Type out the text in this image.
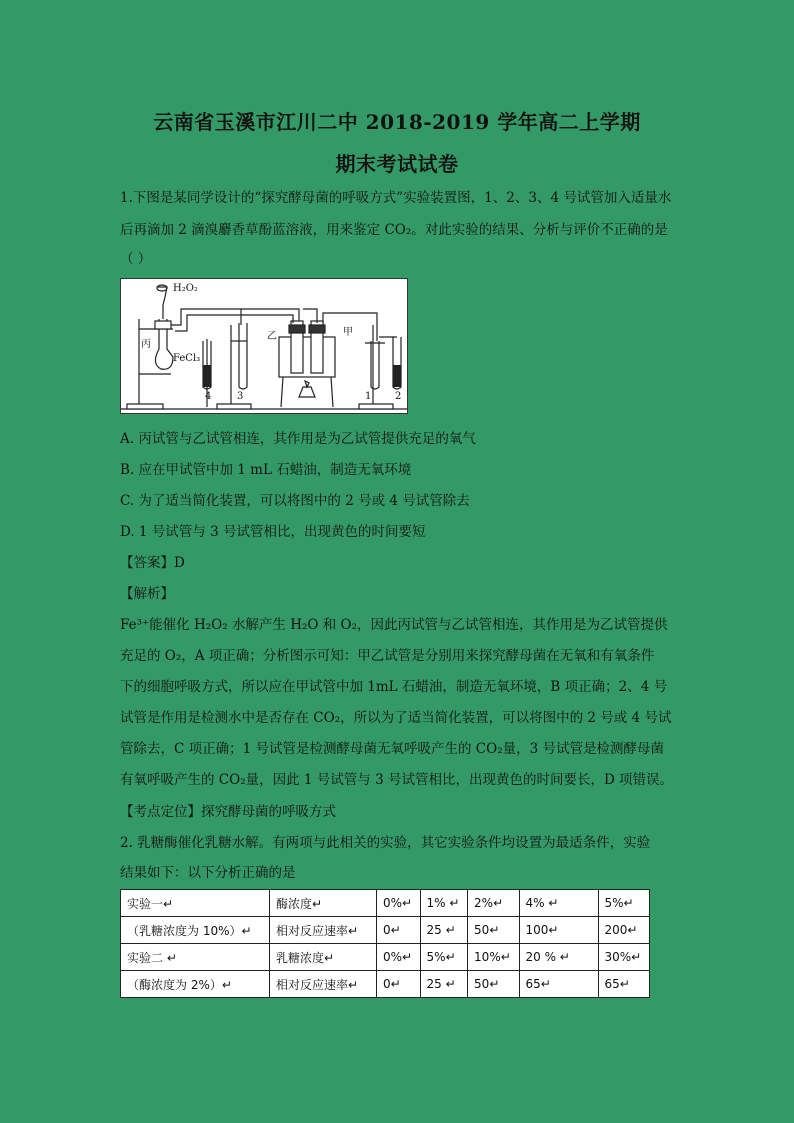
云南省玉溪市江川二中 2018-2019 学年高二上学期
期末考试试卷
1.下图是某同学设计的“探究酵母菌的呼吸方式”实验装置图，1、2、3、4 号试管加入适量水
后再滴加 2 滴溴麝香草酚蓝溶液，用来鉴定 CO₂。对此实验的结果、分析与评价不正确的是
（ ）
H₂O₂
丙
FeCl₃
乙	甲
1 2
3
4
A. 丙试管与乙试管相连，其作用是为乙试管提供充足的氧气
B. 应在甲试管中加 1 mL 石蜡油，制造无氧环境
C. 为了适当简化装置，可以将图中的 2 号或 4 号试管除去
D. 1 号试管与 3 号试管相比，出现黄色的时间要短
【答案】D
【解析】
Fe³⁺能催化 H₂O₂ 水解产生 H₂O 和 O₂，因此丙试管与乙试管相连，其作用是为乙试管提供
充足的 O₂，A 项正确；分析图示可知：甲乙试管是分别用来探究酵母菌在无氧和有氧条件
下的细胞呼吸方式，所以应在甲试管中加 1mL 石蜡油，制造无氧环境，B 项正确；2、4 号
试管是作用是检测水中是否存在 CO₂，所以为了适当简化装置，可以将图中的 2 号或 4 号试
管除去，C 项正确；1 号试管是检测酵母菌无氧呼吸产生的 CO₂量，3 号试管是检测酵母菌
有氧呼吸产生的 CO₂量，因此 1 号试管与 3 号试管相比，出现黄色的时间要长，D 项错误。
【考点定位】探究酵母菌的呼吸方式
2. 乳糖酶催化乳糖水解。有两项与此相关的实验，其它实验条件均设置为最适条件，实验
结果如下：以下分析正确的是
实验一↵	酶浓度↵	0%↵	1% ↵	2%↵	4% ↵	5%↵
（乳糖浓度为 10%）↵	相对反应速率↵	0↵	25 ↵	50↵	100↵	200↵
实验二 ↵	乳糖浓度↵	0%↵	5%↵	10%↵	20 % ↵	30%↵
（酶浓度为 2%）↵	相对反应速率↵	0↵	25 ↵	50↵	65↵	65↵
